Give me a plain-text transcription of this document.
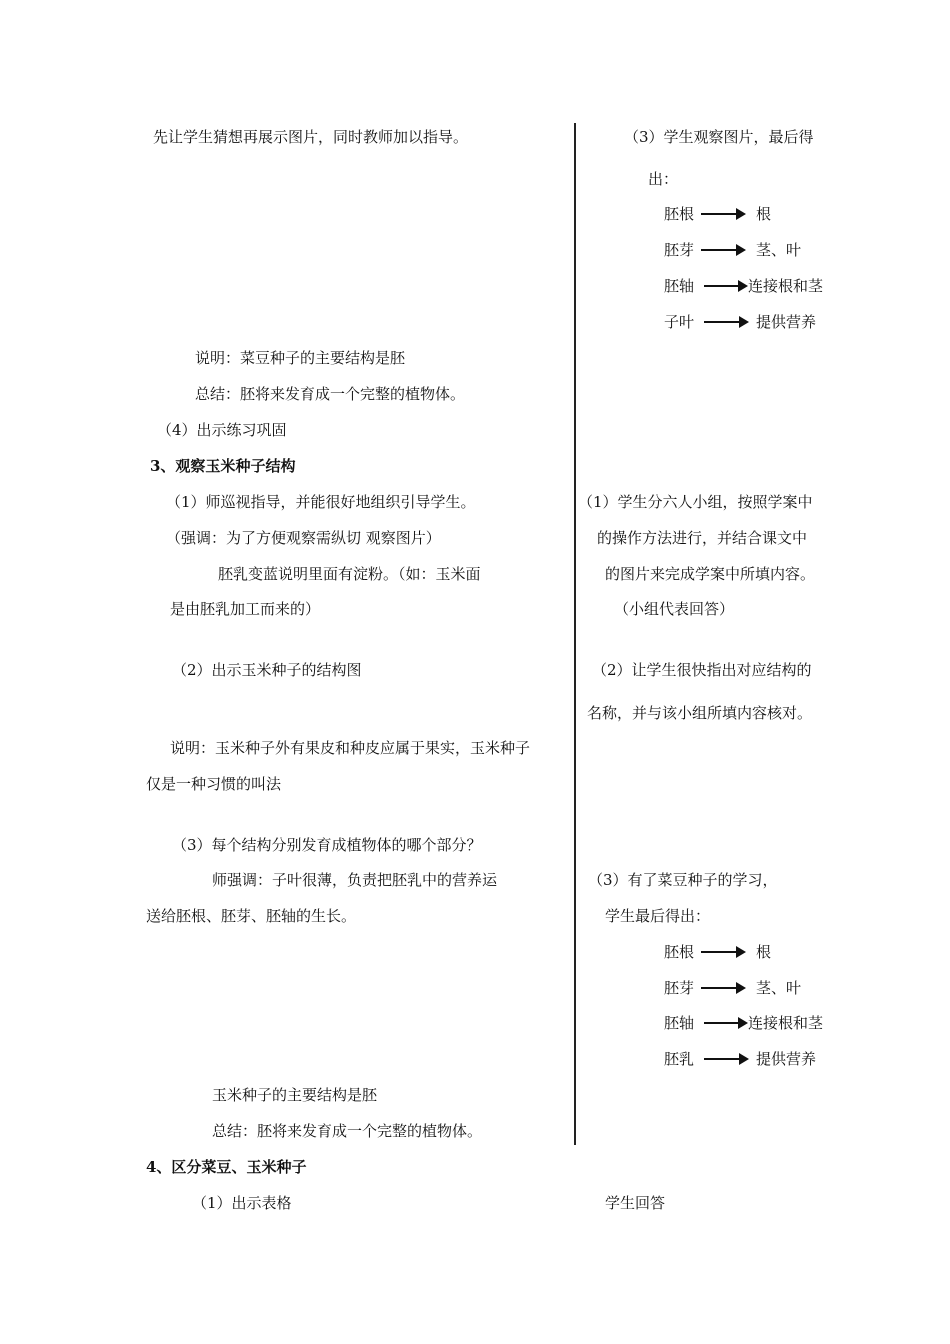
先让学生猜想再展示图片，同时教师加以指导。
说明：菜豆种子的主要结构是胚
总结：胚将来发育成一个完整的植物体。
（4）出示练习巩固
3、观察玉米种子结构
（1）师巡视指导，并能很好地组织引导学生。
（强调：为了方便观察需纵切 观察图片）
胚乳变蓝说明里面有淀粉。（如：玉米面
是由胚乳加工而来的）
（2）出示玉米种子的结构图
说明：玉米种子外有果皮和种皮应属于果实，玉米种子
仅是一种习惯的叫法
（3）每个结构分别发育成植物体的哪个部分？
师强调：子叶很薄，负责把胚乳中的营养运
送给胚根、胚芽、胚轴的生长。
玉米种子的主要结构是胚
总结：胚将来发育成一个完整的植物体。
（3）学生观察图片，最后得
出：
胚根	根
胚芽	茎、叶
胚轴	连接根和茎
子叶	提供营养
（1）学生分六人小组，按照学案中
的操作方法进行，并结合课文中
的图片来完成学案中所填内容。
（小组代表回答）
（2）让学生很快指出对应结构的
名称，并与该小组所填内容核对。
（3）有了菜豆种子的学习，
学生最后得出：
胚根	根
胚芽	茎、叶
胚轴	连接根和茎
胚乳	提供营养
4、区分菜豆、玉米种子
（1）出示表格	学生回答
